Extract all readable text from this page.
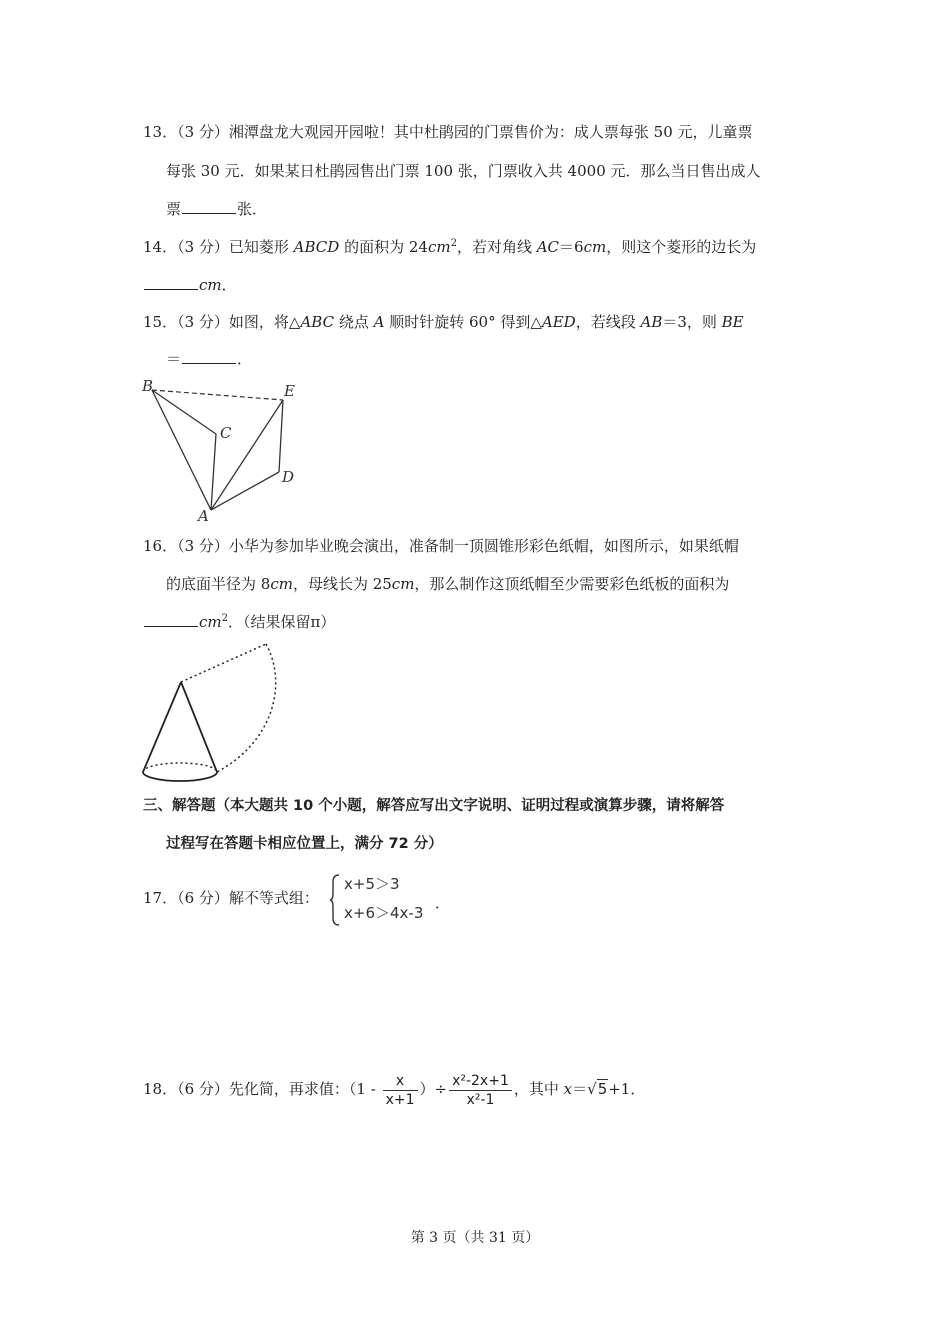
13．（3 分）湘潭盘龙大观园开园啦！其中杜鹃园的门票售价为：成人票每张 50 元，儿童票
每张 30 元．如果某日杜鹃园售出门票 100 张，门票收入共 4000 元．那么当日售出成人
票	张．
14．（3 分）已知菱形 ABCD 的面积为 $24cm^2$，若对角线 AC＝6cm，则这个菱形的边长为
cm．
15．（3 分）如图，将△ABC 绕点 A 顺时针旋转 60° 得到△AED，若线段 AB＝3，则 BE
＝	．
B	E
C
D
A
16．（3 分）小华为参加毕业晚会演出，准备制一顶圆锥形彩色纸帽，如图所示，如果纸帽
的底面半径为 8cm，母线长为 25cm，那么制作这顶纸帽至少需要彩色纸板的面积为
$cm^2$．（结果保留π）
三、解答题（本大题共 10 个小题，解答应写出文字说明、证明过程或演算步骤，请将解答
过程写在答题卡相应位置上，满分 72 分）
17．（6 分）解不等式组：
x+5＞3
x+6＞4x-3
．
18．（6 分）先化简，再求值：（$1 - \frac{x}{x+1}$ ）÷ $\frac{\text{x²-2x+1}}{\text{x²-1}}$ ，其中 x＝√5+1．
第 3 页（共 31 页）
